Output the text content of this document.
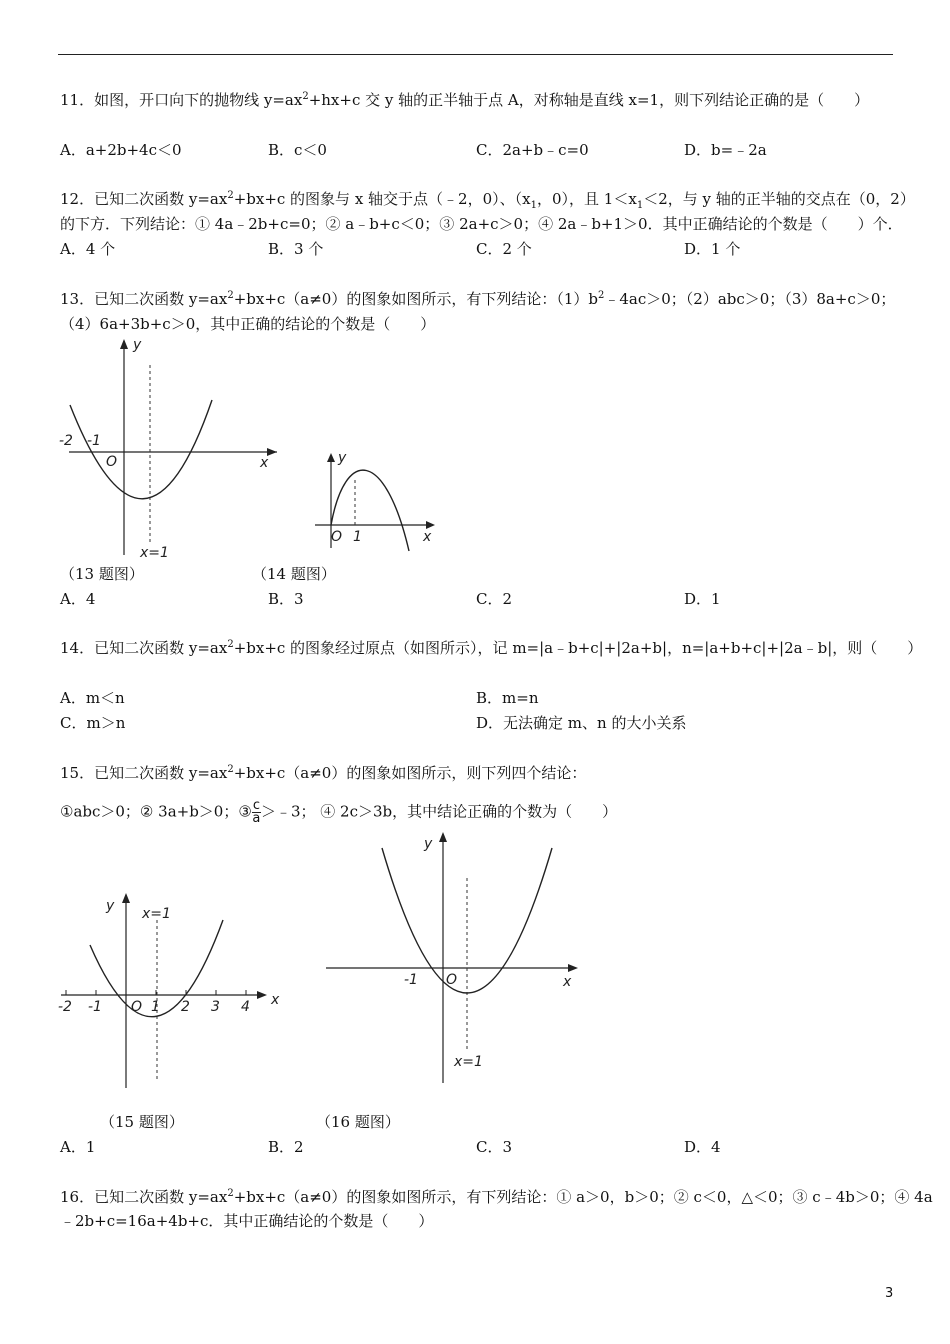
11．如图，开口向下的抛物线 $y=ax^2+hx+c$ 交 y 轴的正半轴于点 A，对称轴是直线 x=1，则下列结论正确的是（　　）
A．a+2b+4c＜0	B．c＜0	C．2a+b﹣c=0	D．b=﹣2a
12．已知二次函数 $y=ax^2+bx+c$ 的图象与 x 轴交于点（﹣2，0）、（$x_1$，0），且 $1<x_1<2$，与 y 轴的正半轴的交点在（0，2）
的下方．下列结论：① 4a﹣2b+c=0；② a﹣b+c＜0；③ 2a+c＞0；④ 2a﹣b+1＞0．其中正确结论的个数是（　　）个．
A．4 个	B．3 个	C．2 个	D．1 个
13．已知二次函数 $y=ax^2+bx+c(a\ne 0)$的图象如图所示，有下列结论：$(1)b^2﹣4ac>0$；（2）abc＞0；（3）8a+c＞0；
（4）6a+3b+c＞0，其中正确的结论的个数是（　　）
y
x
O
-2 -1
x=1
y
x
O 1
（13 题图）	（14 题图）
A．4	B．3	C．2	D．1
14．已知二次函数 $y=ax^2+bx+c$ 的图象经过原点（如图所示），记 m=|a﹣b+c|+|2a+b|，n=|a+b+c|+|2a﹣b|，则（　　）
A．m＜n	B．m=n
C．m＞n	D．无法确定 m、n 的大小关系
15．已知二次函数 $y=ax^2+bx+c(a\ne 0)$的图象如图所示，则下列四个结论：
①abc＞0；② 3a+b＞0；③ $\frac{c}{a}$ ＞﹣3； ④ 2c＞3b，其中结论正确的个数为（　　）
y x=1
x
O
-2 -1	1 2 3 4
y
x
O
-1
x=1
（15 题图）	（16 题图）
A．1	B．2	C．3	D．4
16．已知二次函数 $y=ax^2+bx+c(a\ne 0)$的图象如图所示，有下列结论：① a＞0，b＞0；② c＜0，△＜0；③ c﹣4b＞0；④ 4a
﹣2b+c=16a+4b+c．其中正确结论的个数是（　　）
3
